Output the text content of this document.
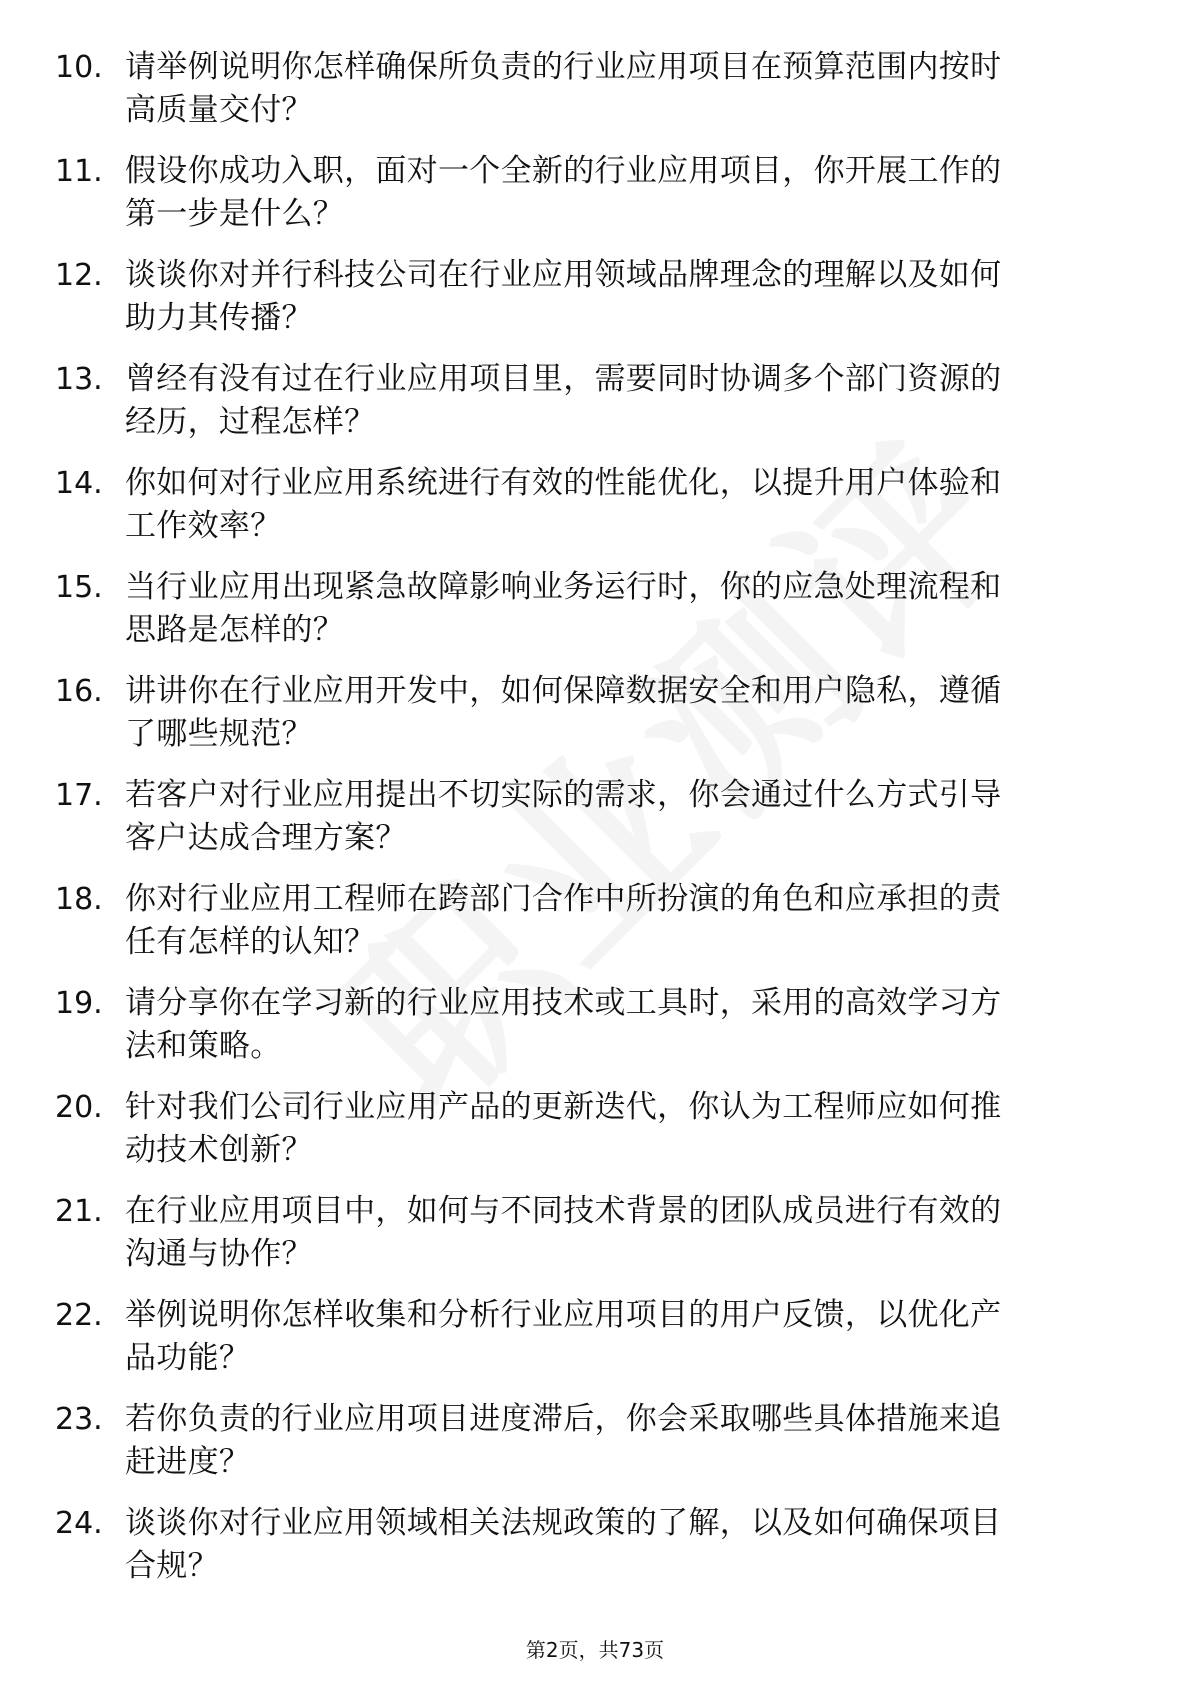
10. 请举例说明你怎样确保所负责的行业应用项目在预算范围内按时
高质量交付？
11. 假设你成功入职，面对一个全新的行业应用项目，你开展工作的
第一步是什么？
12. 谈谈你对并行科技公司在行业应用领域品牌理念的理解以及如何
助力其传播？
13. 曾经有没有过在行业应用项目里，需要同时协调多个部门资源的
经历，过程怎样？
14. 你如何对行业应用系统进行有效的性能优化，以提升用户体验和
工作效率？
15. 当行业应用出现紧急故障影响业务运行时，你的应急处理流程和
思路是怎样的？
16. 讲讲你在行业应用开发中，如何保障数据安全和用户隐私，遵循
了哪些规范？
17. 若客户对行业应用提出不切实际的需求，你会通过什么方式引导
客户达成合理方案？
18. 你对行业应用工程师在跨部门合作中所扮演的角色和应承担的责
任有怎样的认知？
19. 请分享你在学习新的行业应用技术或工具时，采用的高效学习方
法和策略。
20. 针对我们公司行业应用产品的更新迭代，你认为工程师应如何推
动技术创新？
21. 在行业应用项目中，如何与不同技术背景的团队成员进行有效的
沟通与协作？
22. 举例说明你怎样收集和分析行业应用项目的用户反馈，以优化产
品功能？
23. 若你负责的行业应用项目进度滞后，你会采取哪些具体措施来追
赶进度？
24. 谈谈你对行业应用领域相关法规政策的了解，以及如何确保项目
合规？
第2页，共73页
